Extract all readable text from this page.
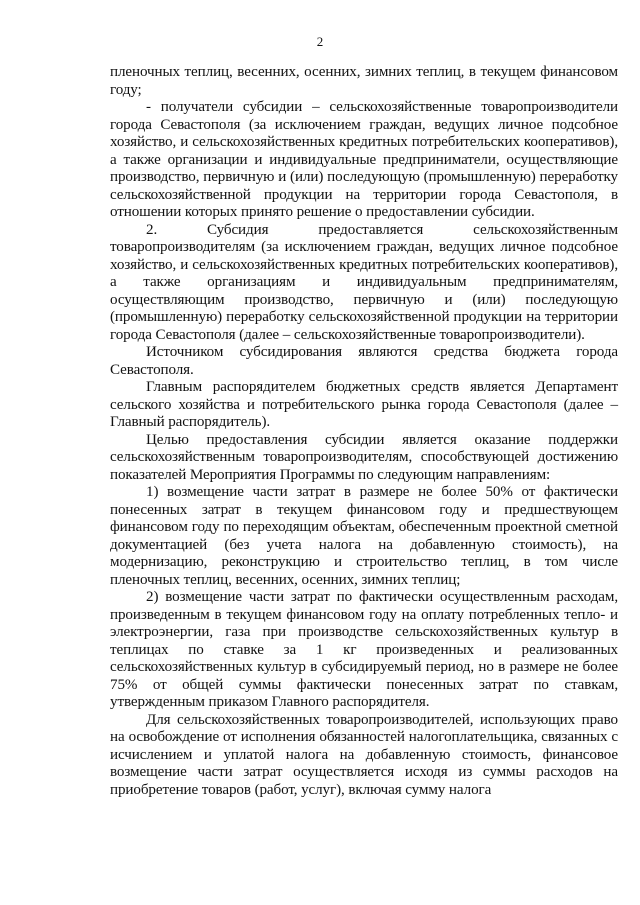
2

пленочных теплиц, весенних, осенних, зимних теплиц, в текущем финансовом году;

- получатели субсидии – сельскохозяйственные товаропроизводители города Севастополя (за исключением граждан, ведущих личное подсобное хозяйство, и сельскохозяйственных кредитных потребительских кооперативов), а также организации и индивидуальные предприниматели, осуществляющие производство, первичную и (или) последующую (промышленную) переработку сельскохозяйственной продукции на территории города Севастополя, в отношении которых принято решение о предоставлении субсидии.

2. Субсидия предоставляется сельскохозяйственным товаропроизводителям (за исключением граждан, ведущих личное подсобное хозяйство, и сельскохозяйственных кредитных потребительских кооперативов), а также организациям и индивидуальным предпринимателям, осуществляющим производство, первичную и (или) последующую (промышленную) переработку сельскохозяйственной продукции на территории города Севастополя (далее – сельскохозяйственные товаропроизводители).

Источником субсидирования являются средства бюджета города Севастополя.

Главным распорядителем бюджетных средств является Департамент сельского хозяйства и потребительского рынка города Севастополя (далее – Главный распорядитель).

Целью предоставления субсидии является оказание поддержки сельскохозяйственным товаропроизводителям, способствующей достижению показателей Мероприятия Программы по следующим направлениям:

1) возмещение части затрат в размере не более 50% от фактически понесенных затрат в текущем финансовом году и предшествующем финансовом году по переходящим объектам, обеспеченным проектной сметной документацией (без учета налога на добавленную стоимость), на модернизацию, реконструкцию и строительство теплиц, в том числе пленочных теплиц, весенних, осенних, зимних теплиц;

2) возмещение части затрат по фактически осуществленным расходам, произведенным в текущем финансовом году на оплату потребленных тепло- и электроэнергии, газа при производстве сельскохозяйственных культур в теплицах по ставке за 1 кг произведенных и реализованных сельскохозяйственных культур в субсидируемый период, но в размере не более 75% от общей суммы фактически понесенных затрат по ставкам, утвержденным приказом Главного распорядителя.

Для сельскохозяйственных товаропроизводителей, использующих право на освобождение от исполнения обязанностей налогоплательщика, связанных с исчислением и уплатой налога на добавленную стоимость, финансовое возмещение части затрат осуществляется исходя из суммы расходов на приобретение товаров (работ, услуг), включая сумму налога
